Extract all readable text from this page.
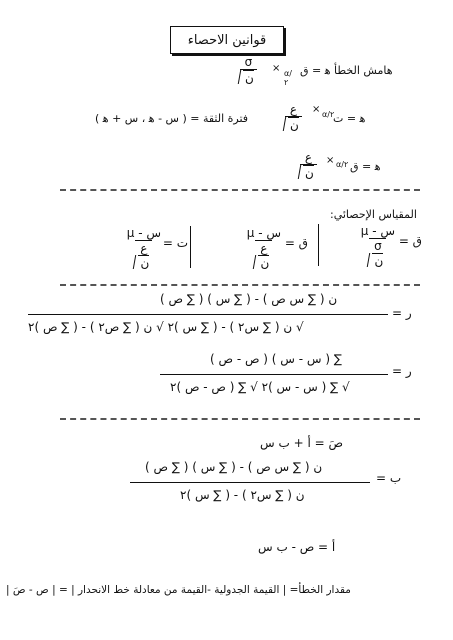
قوانين الاحصاء
هامش الخطأ ﻫ = ق
× α/٢
σ
ن
ﻫ = ت
α/٢
×
ع
ن
فترة الثقة = ( س - ﻫ ، س + ﻫ )
ﻫ = ق
α/٢
×
ع
ن
المقياس الإحصائي:
ق =
س - μ
σ
ن
ق =
س - μ
ع
ن
ت =
س - μ
ع
ن
ن ( ∑ س ص ) - ( ∑ س ) ( ∑ ص )
√ ن ( ∑ س٢ ) - ( ∑ س )٢ √ ن ( ∑ ص٢ ) - ( ∑ ص )٢
ر =
∑ ( س - س ) ( ص - ص )
√ ∑ ( س - س )٢ √ ∑ ( ص - ص )٢
ر =
صَ = أ + ب س
ن ( ∑ س ص ) - ( ∑ س ) ( ∑ ص )
ن ( ∑ س٢ ) - ( ∑ س )٢
ب =
أ = ص - ب س
مقدار الخطأ= | القيمة الجدولية -القيمة من معادلة خط الانحدار | = | ص - صَ |
